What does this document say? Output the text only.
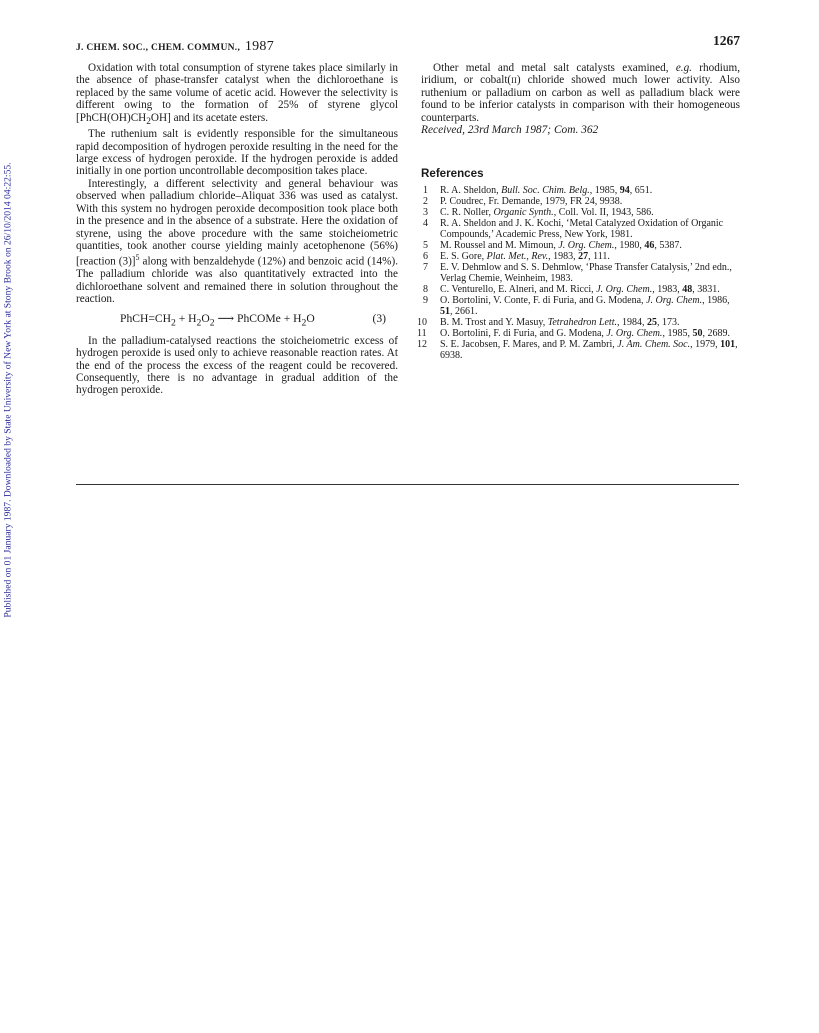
Published on 01 January 1987. Downloaded by State University of New York at Stony Brook on 26/10/2014 04:22:55.
J. CHEM. SOC., CHEM. COMMUN., 1987	1267

Oxidation with total consumption of styrene takes place similarly in the absence of phase-transfer catalyst when the dichloroethane is replaced by the same volume of acetic acid. However the selectivity is different owing to the formation of 25% of styrene glycol $[PhCH(OH)CH_2OH]$ and its acetate esters.

The ruthenium salt is evidently responsible for the simultaneous rapid decomposition of hydrogen peroxide resulting in the need for the large excess of hydrogen peroxide. If the hydrogen peroxide is added initially in one portion uncontrollable decomposition takes place.

Interestingly, a different selectivity and general behaviour was observed when palladium chloride–Aliquat 336 was used as catalyst. With this system no hydrogen peroxide decomposition took place both in the presence and in the absence of a substrate. Here the oxidation of styrene, using the above procedure with the same stoicheiometric quantities, took another course yielding mainly acetophenone (56%) [reaction (3)]$^5$ along with benzaldehyde (12%) and benzoic acid (14%). The palladium chloride was also quantitatively extracted into the dichloroethane solvent and remained there in solution throughout the reaction.

$PhCH=CH_2 + H_2O_2$ ⟶ PhCOMe + $H_2O$	(3)

In the palladium-catalysed reactions the stoicheiometric excess of hydrogen peroxide is used only to achieve reasonable reaction rates. At the end of the process the excess of the reagent could be recovered. Consequently, there is no advantage in gradual addition of the hydrogen peroxide.

Other metal and metal salt catalysts examined, e.g. rhodium, iridium, or cobalt(II) chloride showed much lower activity. Also ruthenium or palladium on carbon as well as palladium black were found to be inferior catalysts in comparison with their homogeneous counterparts.

Received, 23rd March 1987; Com. 362

References
1 R. A. Sheldon, Bull. Soc. Chim. Belg., 1985, 94, 651.
2 P. Coudrec, Fr. Demande, 1979, FR 24, 9938.
3 C. R. Noller, Organic Synth., Coll. Vol. II, 1943, 586.
4 R. A. Sheldon and J. K. Kochi, ‘Metal Catalyzed Oxidation of Organic Compounds,’ Academic Press, New York, 1981.
5 M. Roussel and M. Mimoun, J. Org. Chem., 1980, 46, 5387.
6 E. S. Gore, Plat. Met., Rev., 1983, 27, 111.
7 E. V. Dehmlow and S. S. Dehmlow, ‘Phase Transfer Catalysis,’ 2nd edn., Verlag Chemie, Weinheim, 1983.
8 C. Venturello, E. Alneri, and M. Ricci, J. Org. Chem., 1983, 48, 3831.
9 O. Bortolini, V. Conte, F. di Furia, and G. Modena, J. Org. Chem., 1986, 51, 2661.
10 B. M. Trost and Y. Masuy, Tetrahedron Lett., 1984, 25, 173.
11 O. Bortolini, F. di Furia, and G. Modena, J. Org. Chem., 1985, 50, 2689.
12 S. E. Jacobsen, F. Mares, and P. M. Zambri, J. Am. Chem. Soc., 1979, 101, 6938.
